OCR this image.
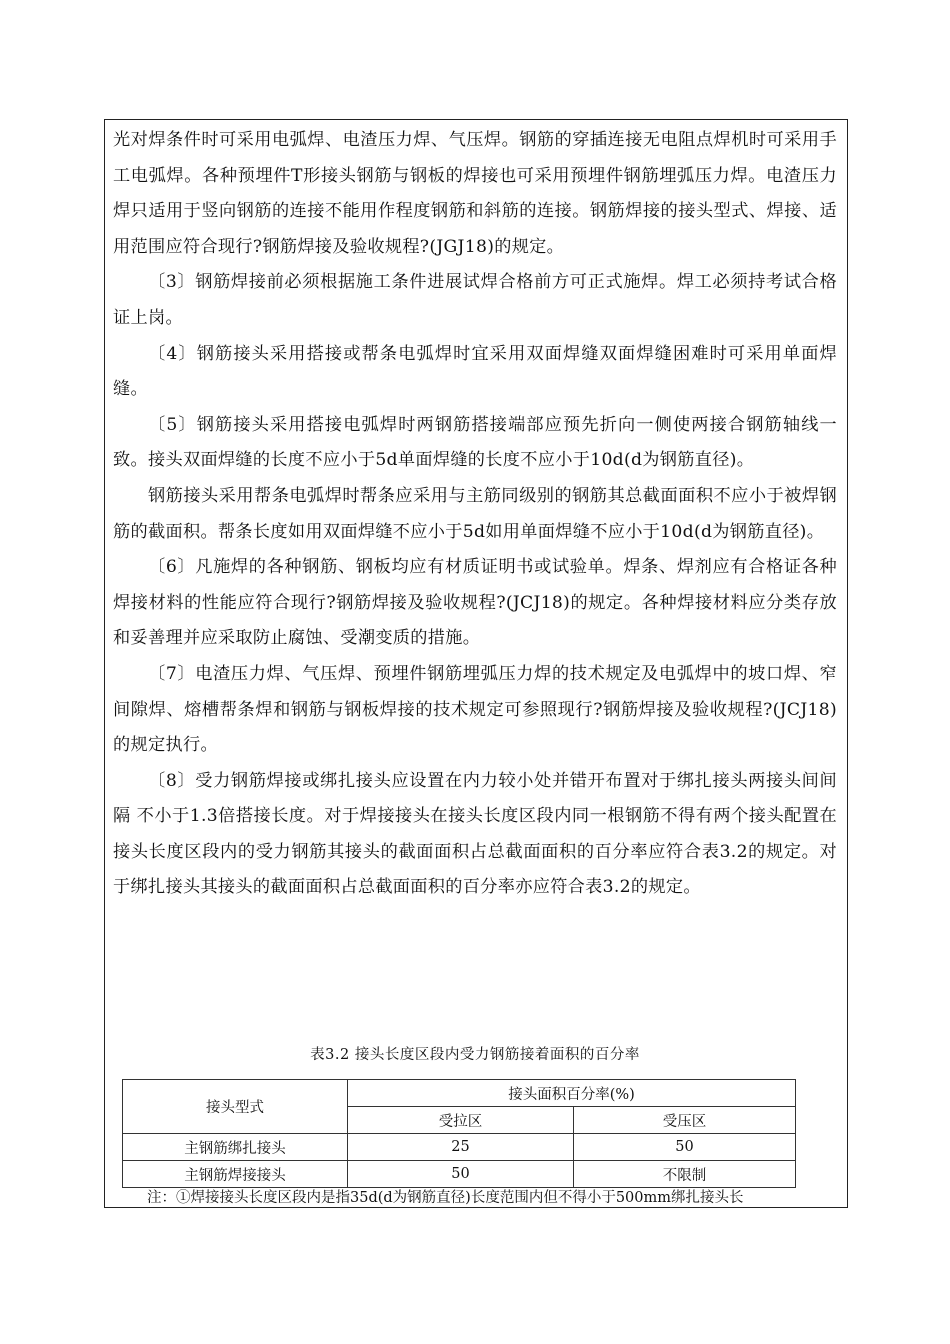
光对焊条件时可采用电弧焊、电渣压力焊、气压焊。钢筋的穿插连接无电阻点焊机时可采用手工电弧焊。各种预埋件T形接头钢筋与钢板的焊接也可采用预埋件钢筋埋弧压力焊。电渣压力焊只适用于竖向钢筋的连接不能用作程度钢筋和斜筋的连接。钢筋焊接的接头型式、焊接、适用范围应符合现行?钢筋焊接及验收规程?(JGJ18)的规定。

〔3〕钢筋焊接前必须根据施工条件进展试焊合格前方可正式施焊。焊工必须持考试合格证上岗。

〔4〕钢筋接头采用搭接或帮条电弧焊时宜采用双面焊缝双面焊缝困难时可采用单面焊缝。

〔5〕钢筋接头采用搭接电弧焊时两钢筋搭接端部应预先折向一侧使两接合钢筋轴线一致。接头双面焊缝的长度不应小于5d单面焊缝的长度不应小于10d(d为钢筋直径)。

钢筋接头采用帮条电弧焊时帮条应采用与主筋同级别的钢筋其总截面面积不应小于被焊钢筋的截面积。帮条长度如用双面焊缝不应小于5d如用单面焊缝不应小于10d(d为钢筋直径)。

〔6〕凡施焊的各种钢筋、钢板均应有材质证明书或试验单。焊条、焊剂应有合格证各种焊接材料的性能应符合现行?钢筋焊接及验收规程?(JCJ18)的规定。各种焊接材料应分类存放和妥善理并应采取防止腐蚀、受潮变质的措施。

〔7〕电渣压力焊、气压焊、预埋件钢筋埋弧压力焊的技术规定及电弧焊中的坡口焊、窄间隙焊、熔槽帮条焊和钢筋与钢板焊接的技术规定可参照现行?钢筋焊接及验收规程?(JCJ18)的规定执行。

〔8〕受力钢筋焊接或绑扎接头应设置在内力较小处并错开布置对于绑扎接头两接头间间隔 不小于1.3倍搭接长度。对于焊接接头在接头长度区段内同一根钢筋不得有两个接头配置在接头长度区段内的受力钢筋其接头的截面面积占总截面面积的百分率应符合表3.2的规定。对于绑扎接头其接头的截面面积占总截面面积的百分率亦应符合表3.2的规定。

表3.2 接头长度区段内受力钢筋接着面积的百分率
接头型式	接头面积百分率(%)	
	受拉区	受压区
主钢筋绑扎接头	25	50
主钢筋焊接接头	50	不限制
注：①焊接接头长度区段内是指35d(d为钢筋直径)长度范围内但不得小于500mm绑扎接头长
